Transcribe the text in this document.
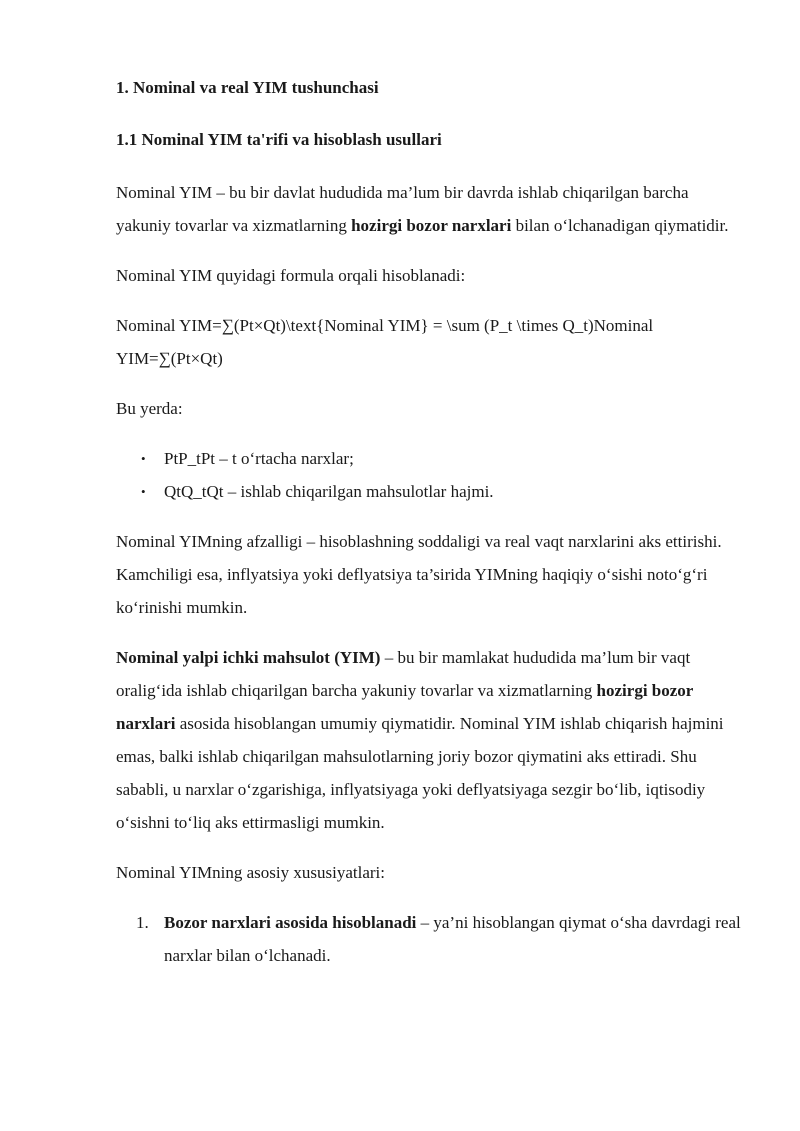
1. Nominal va real YIM tushunchasi
1.1 Nominal YIM ta'rifi va hisoblash usullari

Nominal YIM – bu bir davlat hududida ma’lum bir davrda ishlab chiqarilgan barcha yakuniy tovarlar va xizmatlarning hozirgi bozor narxlari bilan o‘lchanadigan qiymatidir.

Nominal YIM quyidagi formula orqali hisoblanadi:

Nominal YIM=∑(Pt×Qt)\text{Nominal YIM} = \sum (P_t \times Q_t)Nominal YIM=∑(Pt×Qt)

Bu yerda:

• PtP_tPt – t o‘rtacha narxlar;
• QtQ_tQt – ishlab chiqarilgan mahsulotlar hajmi.

Nominal YIMning afzalligi – hisoblashning soddaligi va real vaqt narxlarini aks ettirishi. Kamchiligi esa, inflyatsiya yoki deflyatsiya ta’sirida YIMning haqiqiy o‘sishi noto‘g‘ri ko‘rinishi mumkin.

Nominal yalpi ichki mahsulot (YIM) – bu bir mamlakat hududida ma’lum bir vaqt oralig‘ida ishlab chiqarilgan barcha yakuniy tovarlar va xizmatlarning hozirgi bozor narxlari asosida hisoblangan umumiy qiymatidir. Nominal YIM ishlab chiqarish hajmini emas, balki ishlab chiqarilgan mahsulotlarning joriy bozor qiymatini aks ettiradi. Shu sababli, u narxlar o‘zgarishiga, inflyatsiyaga yoki deflyatsiyaga sezgir bo‘lib, iqtisodiy o‘sishni to‘liq aks ettirmasligi mumkin.

Nominal YIMning asosiy xususiyatlari:

1. Bozor narxlari asosida hisoblanadi – ya’ni hisoblangan qiymat o‘sha davrdagi real narxlar bilan o‘lchanadi.
